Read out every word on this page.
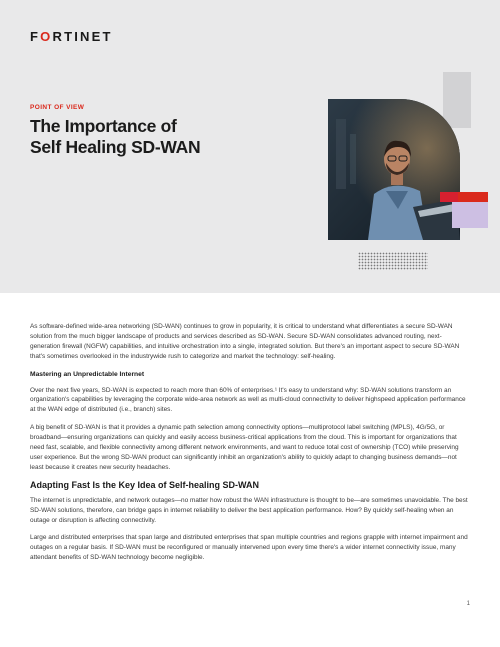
FORTINET
POINT OF VIEW
The Importance of
Self Healing SD-WAN

As software-defined wide-area networking (SD-WAN) continues to grow in popularity, it is critical to understand what differentiates a secure SD-WAN solution from the much bigger landscape of products and services described as SD-WAN. Secure SD-WAN consolidates advanced routing, next-generation firewall (NGFW) capabilities, and intuitive orchestration into a single, integrated solution. But there's an important aspect to secure SD-WAN that's sometimes overlooked in the industrywide rush to categorize and market the technology: self-healing.

Mastering an Unpredictable Internet

Over the next five years, SD-WAN is expected to reach more than 60% of enterprises.¹ It's easy to understand why: SD-WAN solutions transform an organization's capabilities by leveraging the corporate wide-area network as well as multi-cloud connectivity to deliver highspeed application performance at the WAN edge of distributed (i.e., branch) sites.

A big benefit of SD-WAN is that it provides a dynamic path selection among connectivity options—multiprotocol label switching (MPLS), 4G/5G, or broadband—ensuring organizations can quickly and easily access business-critical applications from the cloud. This is important for organizations that need fast, scalable, and flexible connectivity among different network environments, and want to reduce total cost of ownership (TCO) while preserving user experience. But the wrong SD-WAN product can significantly inhibit an organization's ability to quickly adapt to changing business demands—not least because it creates new security headaches.

Adapting Fast Is the Key Idea of Self-healing SD-WAN

The internet is unpredictable, and network outages—no matter how robust the WAN infrastructure is thought to be—are sometimes unavoidable. The best SD-WAN solutions, therefore, can bridge gaps in internet reliability to deliver the best application performance. How? By quickly self-healing when an outage or disruption is affecting connectivity.

Large and distributed enterprises that span large and distributed enterprises that span multiple countries and regions grapple with internet impairment and outages on a regular basis. If SD-WAN must be reconfigured or manually intervened upon every time there's a wider internet connectivity issue, many attendant benefits of SD-WAN technology become negligible.

1
